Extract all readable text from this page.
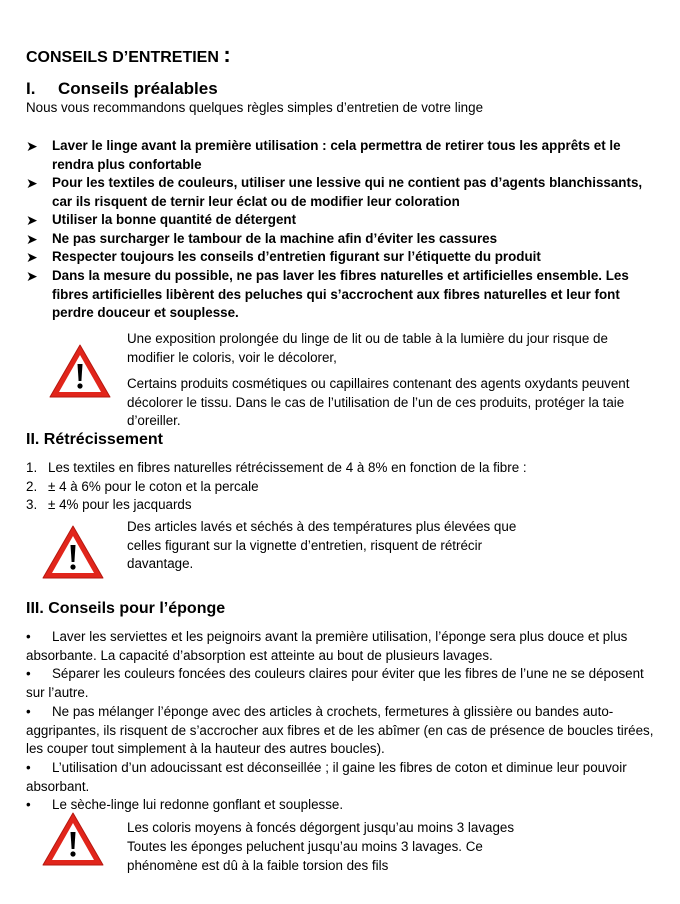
CONSEILS D’ENTRETIEN :
I. Conseils préalables
Nous vous recommandons quelques règles simples d’entretien de votre linge
➤ Laver le linge avant la première utilisation : cela permettra de retirer tous les apprêts et le rendra plus confortable
➤ Pour les textiles de couleurs, utiliser une lessive qui ne contient pas d’agents blanchissants, car ils risquent de ternir leur éclat ou de modifier leur coloration
➤ Utiliser la bonne quantité de détergent
➤ Ne pas surcharger le tambour de la machine afin d’éviter les cassures
➤ Respecter toujours les conseils d’entretien figurant sur l’étiquette du produit
➤ Dans la mesure du possible, ne pas laver les fibres naturelles et artificielles ensemble. Les fibres artificielles libèrent des peluches qui s’accrochent aux fibres naturelles et leur font perdre douceur et souplesse.
Une exposition prolongée du linge de lit ou de table à la lumière du jour risque de modifier le coloris, voir le décolorer,
Certains produits cosmétiques ou capillaires contenant des agents oxydants peuvent décolorer le tissu. Dans le cas de l’utilisation de l’un de ces produits, protéger la taie d’oreiller.
II. Rétrécissement
1. Les textiles en fibres naturelles rétrécissement de 4 à 8% en fonction de la fibre :
2. ± 4 à 6% pour le coton et la percale
3. ± 4% pour les jacquards
Des articles lavés et séchés à des températures plus élevées que celles figurant sur la vignette d’entretien, risquent de rétrécir davantage.
III. Conseils pour l’éponge
• Laver les serviettes et les peignoirs avant la première utilisation, l’éponge sera plus douce et plus absorbante. La capacité d’absorption est atteinte au bout de plusieurs lavages.
• Séparer les couleurs foncées des couleurs claires pour éviter que les fibres de l’une ne se déposent sur l’autre.
• Ne pas mélanger l’éponge avec des articles à crochets, fermetures à glissière ou bandes auto-aggripantes, ils risquent de s’accrocher aux fibres et de les abîmer (en cas de présence de boucles tirées, les couper tout simplement à la hauteur des autres boucles).
• L’utilisation d’un adoucissant est déconseillée ; il gaine les fibres de coton et diminue leur pouvoir absorbant.
• Le sèche-linge lui redonne gonflant et souplesse.
Les coloris moyens à foncés dégorgent jusqu’au moins 3 lavages
Toutes les éponges peluchent jusqu’au moins 3 lavages. Ce phénomène est dû à la faible torsion des fils
